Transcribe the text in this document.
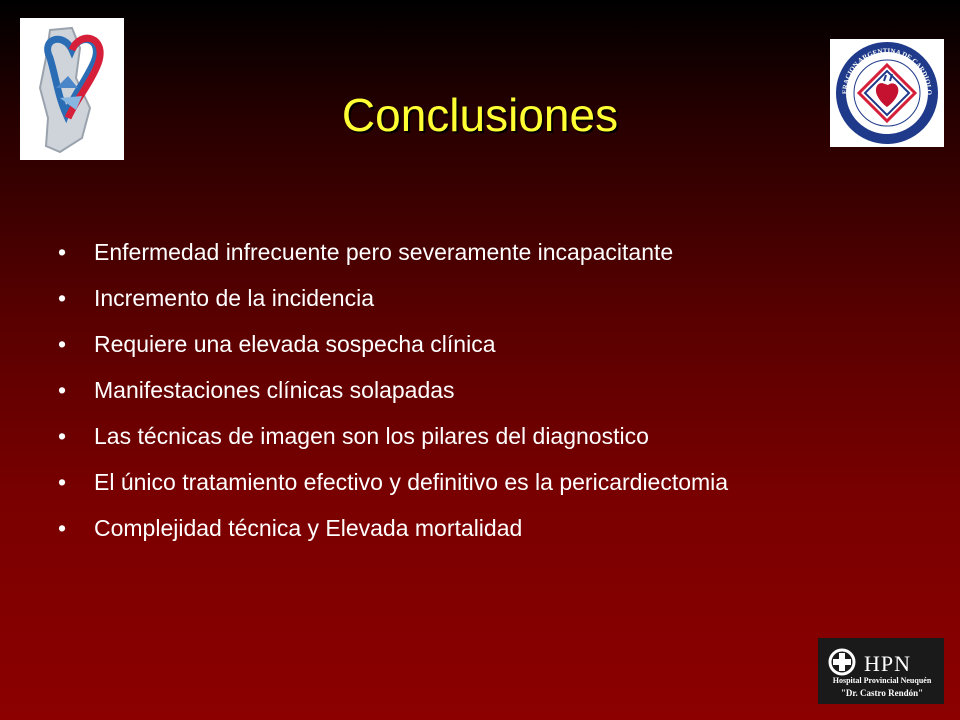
ERACION ARGENTINA DE CARDIOLO
Conclusiones
• Enfermedad infrecuente pero severamente incapacitante
• Incremento de la incidencia
• Requiere una elevada sospecha clínica
• Manifestaciones clínicas solapadas
• Las técnicas de imagen son los pilares del diagnostico
• El único tratamiento efectivo y definitivo es la pericardiectomia
• Complejidad técnica y Elevada mortalidad
HPN
Hospital Provincial Neuquén
"Dr. Castro Rendón"
